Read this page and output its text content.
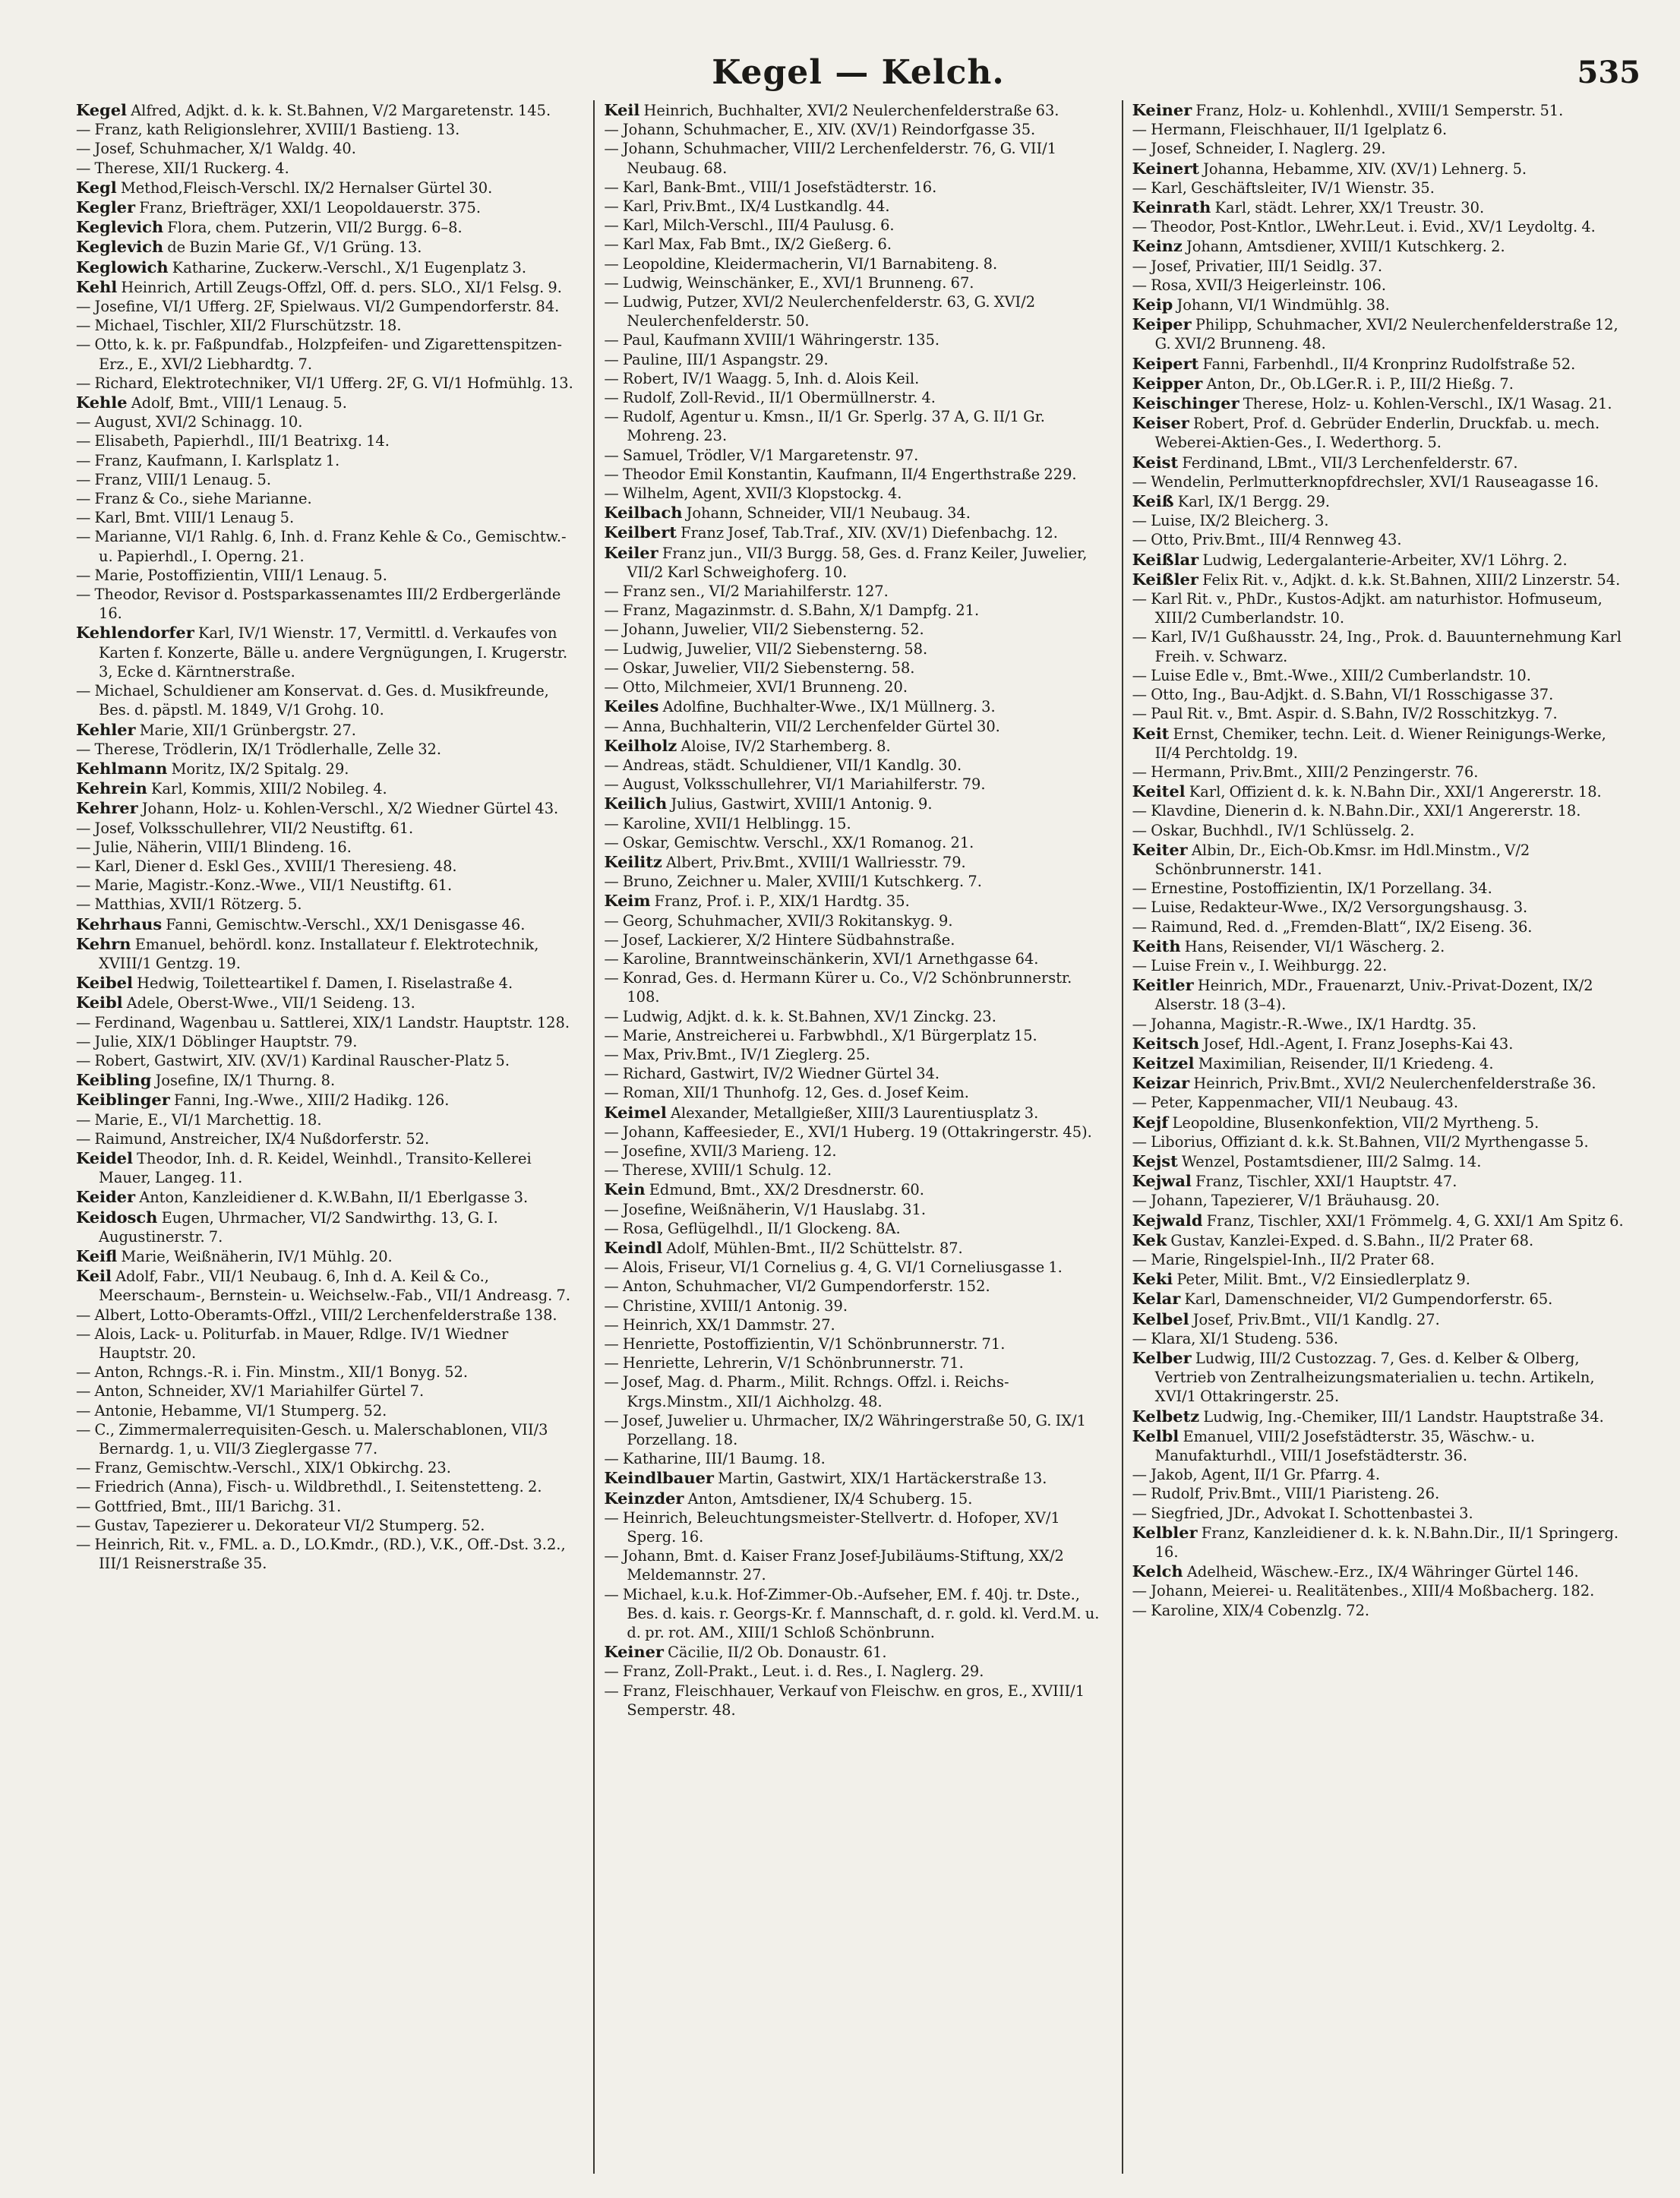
Kegel — Kelch.	535
Kegel Alfred, Adjkt. d. k. k. St.Bahnen, V/2 Margaretenstr. 145.
— Franz, kath Religionslehrer, XVIII/1 Bastieng. 13.
— Josef, Schuhmacher, X/1 Waldg. 40.
— Therese, XII/1 Ruckerg. 4.
Kegl Method,Fleisch-Verschl. IX/2 Hernalser Gürtel 30.
Kegler Franz, Briefträger, XXI/1 Leopoldauerstr. 375.
Keglevich Flora, chem. Putzerin, VII/2 Burgg. 6–8.
Keglevich de Buzin Marie Gf., V/1 Grüng. 13.
Keglowich Katharine, Zuckerw.-Verschl., X/1 Eugenplatz 3.
Kehl Heinrich, Artill Zeugs-Offzl, Off. d. pers. SLO., XI/1 Felsg. 9.
— Josefine, VI/1 Ufferg. 2F, Spielwaus. VI/2 Gumpendorferstr. 84.
— Michael, Tischler, XII/2 Flurschützstr. 18.
— Otto, k. k. pr. Faßpundfab., Holzpfeifen- und Zigarettenspitzen-Erz., E., XVI/2 Liebhardtg. 7.
— Richard, Elektrotechniker, VI/1 Ufferg. 2F, G. VI/1 Hofmühlg. 13.
Kehle Adolf, Bmt., VIII/1 Lenaug. 5.
— August, XVI/2 Schinagg. 10.
— Elisabeth, Papierhdl., III/1 Beatrixg. 14.
— Franz, Kaufmann, I. Karlsplatz 1.
— Franz, VIII/1 Lenaug. 5.
— Franz & Co., siehe Marianne.
— Karl, Bmt. VIII/1 Lenaug 5.
— Marianne, VI/1 Rahlg. 6, Inh. d. Franz Kehle & Co., Gemischtw.- u. Papierhdl., I. Operng. 21.
— Marie, Postoffizientin, VIII/1 Lenaug. 5.
— Theodor, Revisor d. Postsparkassenamtes III/2 Erdbergerlände 16.
Kehlendorfer Karl, IV/1 Wienstr. 17, Vermittl. d. Verkaufes von Karten f. Konzerte, Bälle u. andere Vergnügungen, I. Krugerstr. 3, Ecke d. Kärntnerstraße.
— Michael, Schuldiener am Konservat. d. Ges. d. Musikfreunde, Bes. d. päpstl. M. 1849, V/1 Grohg. 10.
Kehler Marie, XII/1 Grünbergstr. 27.
— Therese, Trödlerin, IX/1 Trödlerhalle, Zelle 32.
Kehlmann Moritz, IX/2 Spitalg. 29.
Kehrein Karl, Kommis, XIII/2 Nobileg. 4.
Kehrer Johann, Holz- u. Kohlen-Verschl., X/2 Wiedner Gürtel 43.
— Josef, Volksschullehrer, VII/2 Neustiftg. 61.
— Julie, Näherin, VIII/1 Blindeng. 16.
— Karl, Diener d. Eskl Ges., XVIII/1 Theresieng. 48.
— Marie, Magistr.-Konz.-Wwe., VII/1 Neustiftg. 61.
— Matthias, XVII/1 Rötzerg. 5.
Kehrhaus Fanni, Gemischtw.-Verschl., XX/1 Denisgasse 46.
Kehrn Emanuel, behördl. konz. Installateur f. Elektrotechnik, XVIII/1 Gentzg. 19.
Keibel Hedwig, Toiletteartikel f. Damen, I. Riselastraße 4.
Keibl Adele, Oberst-Wwe., VII/1 Seideng. 13.
— Ferdinand, Wagenbau u. Sattlerei, XIX/1 Landstr. Hauptstr. 128.
— Julie, XIX/1 Döblinger Hauptstr. 79.
— Robert, Gastwirt, XIV. (XV/1) Kardinal Rauscher-Platz 5.
Keibling Josefine, IX/1 Thurng. 8.
Keiblinger Fanni, Ing.-Wwe., XIII/2 Hadikg. 126.
— Marie, E., VI/1 Marchettig. 18.
— Raimund, Anstreicher, IX/4 Nußdorferstr. 52.
Keidel Theodor, Inh. d. R. Keidel, Weinhdl., Transito-Kellerei Mauer, Langeg. 11.
Keider Anton, Kanzleidiener d. K.W.Bahn, II/1 Eberlgasse 3.
Keidosch Eugen, Uhrmacher, VI/2 Sandwirthg. 13, G. I. Augustinerstr. 7.
Keifl Marie, Weißnäherin, IV/1 Mühlg. 20.
Keil Adolf, Fabr., VII/1 Neubaug. 6, Inh d. A. Keil & Co., Meerschaum-, Bernstein- u. Weichselw.-Fab., VII/1 Andreasg. 7.
— Albert, Lotto-Oberamts-Offzl., VIII/2 Lerchenfelderstraße 138.
— Alois, Lack- u. Politurfab. in Mauer, Rdlge. IV/1 Wiedner Hauptstr. 20.
— Anton, Rchngs.-R. i. Fin. Minstm., XII/1 Bonyg. 52.
— Anton, Schneider, XV/1 Mariahilfer Gürtel 7.
— Antonie, Hebamme, VI/1 Stumperg. 52.
— C., Zimmermalerrequisiten-Gesch. u. Malerschablonen, VII/3 Bernardg. 1, u. VII/3 Zieglergasse 77.
— Franz, Gemischtw.-Verschl., XIX/1 Obkirchg. 23.
— Friedrich (Anna), Fisch- u. Wildbrethdl., I. Seitenstetteng. 2.
— Gottfried, Bmt., III/1 Barichg. 31.
— Gustav, Tapezierer u. Dekorateur VI/2 Stumperg. 52.
— Heinrich, Rit. v., FML. a. D., LO.Kmdr., (RD.), V.K., Off.-Dst. 3.2., III/1 Reisnerstraße 35.
Keil Heinrich, Buchhalter, XVI/2 Neulerchenfelderstraße 63.
— Johann, Schuhmacher, E., XIV. (XV/1) Reindorfgasse 35.
— Johann, Schuhmacher, VIII/2 Lerchenfelderstr. 76, G. VII/1 Neubaug. 68.
— Karl, Bank-Bmt., VIII/1 Josefstädterstr. 16.
— Karl, Priv.Bmt., IX/4 Lustkandlg. 44.
— Karl, Milch-Verschl., III/4 Paulusg. 6.
— Karl Max, Fab Bmt., IX/2 Gießerg. 6.
— Leopoldine, Kleidermacherin, VI/1 Barnabiteng. 8.
— Ludwig, Weinschänker, E., XVI/1 Brunneng. 67.
— Ludwig, Putzer, XVI/2 Neulerchenfelderstr. 63, G. XVI/2 Neulerchenfelderstr. 50.
— Paul, Kaufmann XVIII/1 Währingerstr. 135.
— Pauline, III/1 Aspangstr. 29.
— Robert, IV/1 Waagg. 5, Inh. d. Alois Keil.
— Rudolf, Zoll-Revid., II/1 Obermüllnerstr. 4.
— Rudolf, Agentur u. Kmsn., II/1 Gr. Sperlg. 37 A, G. II/1 Gr. Mohreng. 23.
— Samuel, Trödler, V/1 Margaretenstr. 97.
— Theodor Emil Konstantin, Kaufmann, II/4 Engerthstraße 229.
— Wilhelm, Agent, XVII/3 Klopstockg. 4.
Keilbach Johann, Schneider, VII/1 Neubaug. 34.
Keilbert Franz Josef, Tab.Traf., XIV. (XV/1) Diefenbachg. 12.
Keiler Franz jun., VII/3 Burgg. 58, Ges. d. Franz Keiler, Juwelier, VII/2 Karl Schweighoferg. 10.
— Franz sen., VI/2 Mariahilferstr. 127.
— Franz, Magazinmstr. d. S.Bahn, X/1 Dampfg. 21.
— Johann, Juwelier, VII/2 Siebensterng. 52.
— Ludwig, Juwelier, VII/2 Siebensterng. 58.
— Oskar, Juwelier, VII/2 Siebensterng. 58.
— Otto, Milchmeier, XVI/1 Brunneng. 20.
Keiles Adolfine, Buchhalter-Wwe., IX/1 Müllnerg. 3.
— Anna, Buchhalterin, VII/2 Lerchenfelder Gürtel 30.
Keilholz Aloise, IV/2 Starhemberg. 8.
— Andreas, städt. Schuldiener, VII/1 Kandlg. 30.
— August, Volksschullehrer, VI/1 Mariahilferstr. 79.
Keilich Julius, Gastwirt, XVIII/1 Antonig. 9.
— Karoline, XVII/1 Helblingg. 15.
— Oskar, Gemischtw. Verschl., XX/1 Romanog. 21.
Keilitz Albert, Priv.Bmt., XVIII/1 Wallriesstr. 79.
— Bruno, Zeichner u. Maler, XVIII/1 Kutschkerg. 7.
Keim Franz, Prof. i. P., XIX/1 Hardtg. 35.
— Georg, Schuhmacher, XVII/3 Rokitanskyg. 9.
— Josef, Lackierer, X/2 Hintere Südbahnstraße.
— Karoline, Branntweinschänkerin, XVI/1 Arnethgasse 64.
— Konrad, Ges. d. Hermann Kürer u. Co., V/2 Schönbrunnerstr. 108.
— Ludwig, Adjkt. d. k. k. St.Bahnen, XV/1 Zinckg. 23.
— Marie, Anstreicherei u. Farbwbhdl., X/1 Bürgerplatz 15.
— Max, Priv.Bmt., IV/1 Zieglerg. 25.
— Richard, Gastwirt, IV/2 Wiedner Gürtel 34.
— Roman, XII/1 Thunhofg. 12, Ges. d. Josef Keim.
Keimel Alexander, Metallgießer, XIII/3 Laurentiusplatz 3.
— Johann, Kaffeesieder, E., XVI/1 Huberg. 19 (Ottakringerstr. 45).
— Josefine, XVII/3 Marieng. 12.
— Therese, XVIII/1 Schulg. 12.
Kein Edmund, Bmt., XX/2 Dresdnerstr. 60.
— Josefine, Weißnäherin, V/1 Hauslabg. 31.
— Rosa, Geflügelhdl., II/1 Glockeng. 8A.
Keindl Adolf, Mühlen-Bmt., II/2 Schüttelstr. 87.
— Alois, Friseur, VI/1 Cornelius g. 4, G. VI/1 Corneliusgasse 1.
— Anton, Schuhmacher, VI/2 Gumpendorferstr. 152.
— Christine, XVIII/1 Antonig. 39.
— Heinrich, XX/1 Dammstr. 27.
— Henriette, Postoffizientin, V/1 Schönbrunnerstr. 71.
— Henriette, Lehrerin, V/1 Schönbrunnerstr. 71.
— Josef, Mag. d. Pharm., Milit. Rchngs. Offzl. i. Reichs-Krgs.Minstm., XII/1 Aichholzg. 48.
— Josef, Juwelier u. Uhrmacher, IX/2 Währingerstraße 50, G. IX/1 Porzellang. 18.
— Katharine, III/1 Baumg. 18.
Keindlbauer Martin, Gastwirt, XIX/1 Hartäckerstraße 13.
Keinzder Anton, Amtsdiener, IX/4 Schuberg. 15.
— Heinrich, Beleuchtungsmeister-Stellvertr. d. Hofoper, XV/1 Sperg. 16.
— Johann, Bmt. d. Kaiser Franz Josef-Jubiläums-Stiftung, XX/2 Meldemannstr. 27.
— Michael, k.u.k. Hof-Zimmer-Ob.-Aufseher, EM. f. 40j. tr. Dste., Bes. d. kais. r. Georgs-Kr. f. Mannschaft, d. r. gold. kl. Verd.M. u. d. pr. rot. AM., XIII/1 Schloß Schönbrunn.
Keiner Cäcilie, II/2 Ob. Donaustr. 61.
— Franz, Zoll-Prakt., Leut. i. d. Res., I. Naglerg. 29.
— Franz, Fleischhauer, Verkauf von Fleischw. en gros, E., XVIII/1 Semperstr. 48.
Keiner Franz, Holz- u. Kohlenhdl., XVIII/1 Semperstr. 51.
— Hermann, Fleischhauer, II/1 Igelplatz 6.
— Josef, Schneider, I. Naglerg. 29.
Keinert Johanna, Hebamme, XIV. (XV/1) Lehnerg. 5.
— Karl, Geschäftsleiter, IV/1 Wienstr. 35.
Keinrath Karl, städt. Lehrer, XX/1 Treustr. 30.
— Theodor, Post-Kntlor., LWehr.Leut. i. Evid., XV/1 Leydoltg. 4.
Keinz Johann, Amtsdiener, XVIII/1 Kutschkerg. 2.
— Josef, Privatier, III/1 Seidlg. 37.
— Rosa, XVII/3 Heigerleinstr. 106.
Keip Johann, VI/1 Windmühlg. 38.
Keiper Philipp, Schuhmacher, XVI/2 Neulerchenfelderstraße 12, G. XVI/2 Brunneng. 48.
Keipert Fanni, Farbenhdl., II/4 Kronprinz Rudolfstraße 52.
Keipper Anton, Dr., Ob.LGer.R. i. P., III/2 Hießg. 7.
Keischinger Therese, Holz- u. Kohlen-Verschl., IX/1 Wasag. 21.
Keiser Robert, Prof. d. Gebrüder Enderlin, Druckfab. u. mech. Weberei-Aktien-Ges., I. Wederthorg. 5.
Keist Ferdinand, LBmt., VII/3 Lerchenfelderstr. 67.
— Wendelin, Perlmutterknopfdrechsler, XVI/1 Rauseagasse 16.
Keiß Karl, IX/1 Bergg. 29.
— Luise, IX/2 Bleicherg. 3.
— Otto, Priv.Bmt., III/4 Rennweg 43.
Keißlar Ludwig, Ledergalanterie-Arbeiter, XV/1 Löhrg. 2.
Keißler Felix Rit. v., Adjkt. d. k.k. St.Bahnen, XIII/2 Linzerstr. 54.
— Karl Rit. v., PhDr., Kustos-Adjkt. am naturhistor. Hofmuseum, XIII/2 Cumberlandstr. 10.
— Karl, IV/1 Gußhausstr. 24, Ing., Prok. d. Bauunternehmung Karl Freih. v. Schwarz.
— Luise Edle v., Bmt.-Wwe., XIII/2 Cumberlandstr. 10.
— Otto, Ing., Bau-Adjkt. d. S.Bahn, VI/1 Rosschigasse 37.
— Paul Rit. v., Bmt. Aspir. d. S.Bahn, IV/2 Rosschitzkyg. 7.
Keit Ernst, Chemiker, techn. Leit. d. Wiener Reinigungs-Werke, II/4 Perchtoldg. 19.
— Hermann, Priv.Bmt., XIII/2 Penzingerstr. 76.
Keitel Karl, Offizient d. k. k. N.Bahn Dir., XXI/1 Angererstr. 18.
— Klavdine, Dienerin d. k. N.Bahn.Dir., XXI/1 Angererstr. 18.
— Oskar, Buchhdl., IV/1 Schlüsselg. 2.
Keiter Albin, Dr., Eich-Ob.Kmsr. im Hdl.Minstm., V/2 Schönbrunnerstr. 141.
— Ernestine, Postoffizientin, IX/1 Porzellang. 34.
— Luise, Redakteur-Wwe., IX/2 Versorgungshausg. 3.
— Raimund, Red. d. „Fremden-Blatt“, IX/2 Eiseng. 36.
Keith Hans, Reisender, VI/1 Wäscherg. 2.
— Luise Frein v., I. Weihburgg. 22.
Keitler Heinrich, MDr., Frauenarzt, Univ.-Privat-Dozent, IX/2 Alserstr. 18 (3–4).
— Johanna, Magistr.-R.-Wwe., IX/1 Hardtg. 35.
Keitsch Josef, Hdl.-Agent, I. Franz Josephs-Kai 43.
Keitzel Maximilian, Reisender, II/1 Kriedeng. 4.
Keizar Heinrich, Priv.Bmt., XVI/2 Neulerchenfelderstraße 36.
— Peter, Kappenmacher, VII/1 Neubaug. 43.
Kejf Leopoldine, Blusenkonfektion, VII/2 Myrtheng. 5.
— Liborius, Offiziant d. k.k. St.Bahnen, VII/2 Myrthengasse 5.
Kejst Wenzel, Postamtsdiener, III/2 Salmg. 14.
Kejwal Franz, Tischler, XXI/1 Hauptstr. 47.
— Johann, Tapezierer, V/1 Bräuhausg. 20.
Kejwald Franz, Tischler, XXI/1 Frömmelg. 4, G. XXI/1 Am Spitz 6.
Kek Gustav, Kanzlei-Exped. d. S.Bahn., II/2 Prater 68.
— Marie, Ringelspiel-Inh., II/2 Prater 68.
Keki Peter, Milit. Bmt., V/2 Einsiedlerplatz 9.
Kelar Karl, Damenschneider, VI/2 Gumpendorferstr. 65.
Kelbel Josef, Priv.Bmt., VII/1 Kandlg. 27.
— Klara, XI/1 Studeng. 536.
Kelber Ludwig, III/2 Custozzag. 7, Ges. d. Kelber & Olberg, Vertrieb von Zentralheizungsmaterialien u. techn. Artikeln, XVI/1 Ottakringerstr. 25.
Kelbetz Ludwig, Ing.-Chemiker, III/1 Landstr. Hauptstraße 34.
Kelbl Emanuel, VIII/2 Josefstädterstr. 35, Wäschw.- u. Manufakturhdl., VIII/1 Josefstädterstr. 36.
— Jakob, Agent, II/1 Gr. Pfarrg. 4.
— Rudolf, Priv.Bmt., VIII/1 Piaristeng. 26.
— Siegfried, JDr., Advokat I. Schottenbastei 3.
Kelbler Franz, Kanzleidiener d. k. k. N.Bahn.Dir., II/1 Springerg. 16.
Kelch Adelheid, Wäschew.-Erz., IX/4 Währinger Gürtel 146.
— Johann, Meierei- u. Realitätenbes., XIII/4 Moßbacherg. 182.
— Karoline, XIX/4 Cobenzlg. 72.
